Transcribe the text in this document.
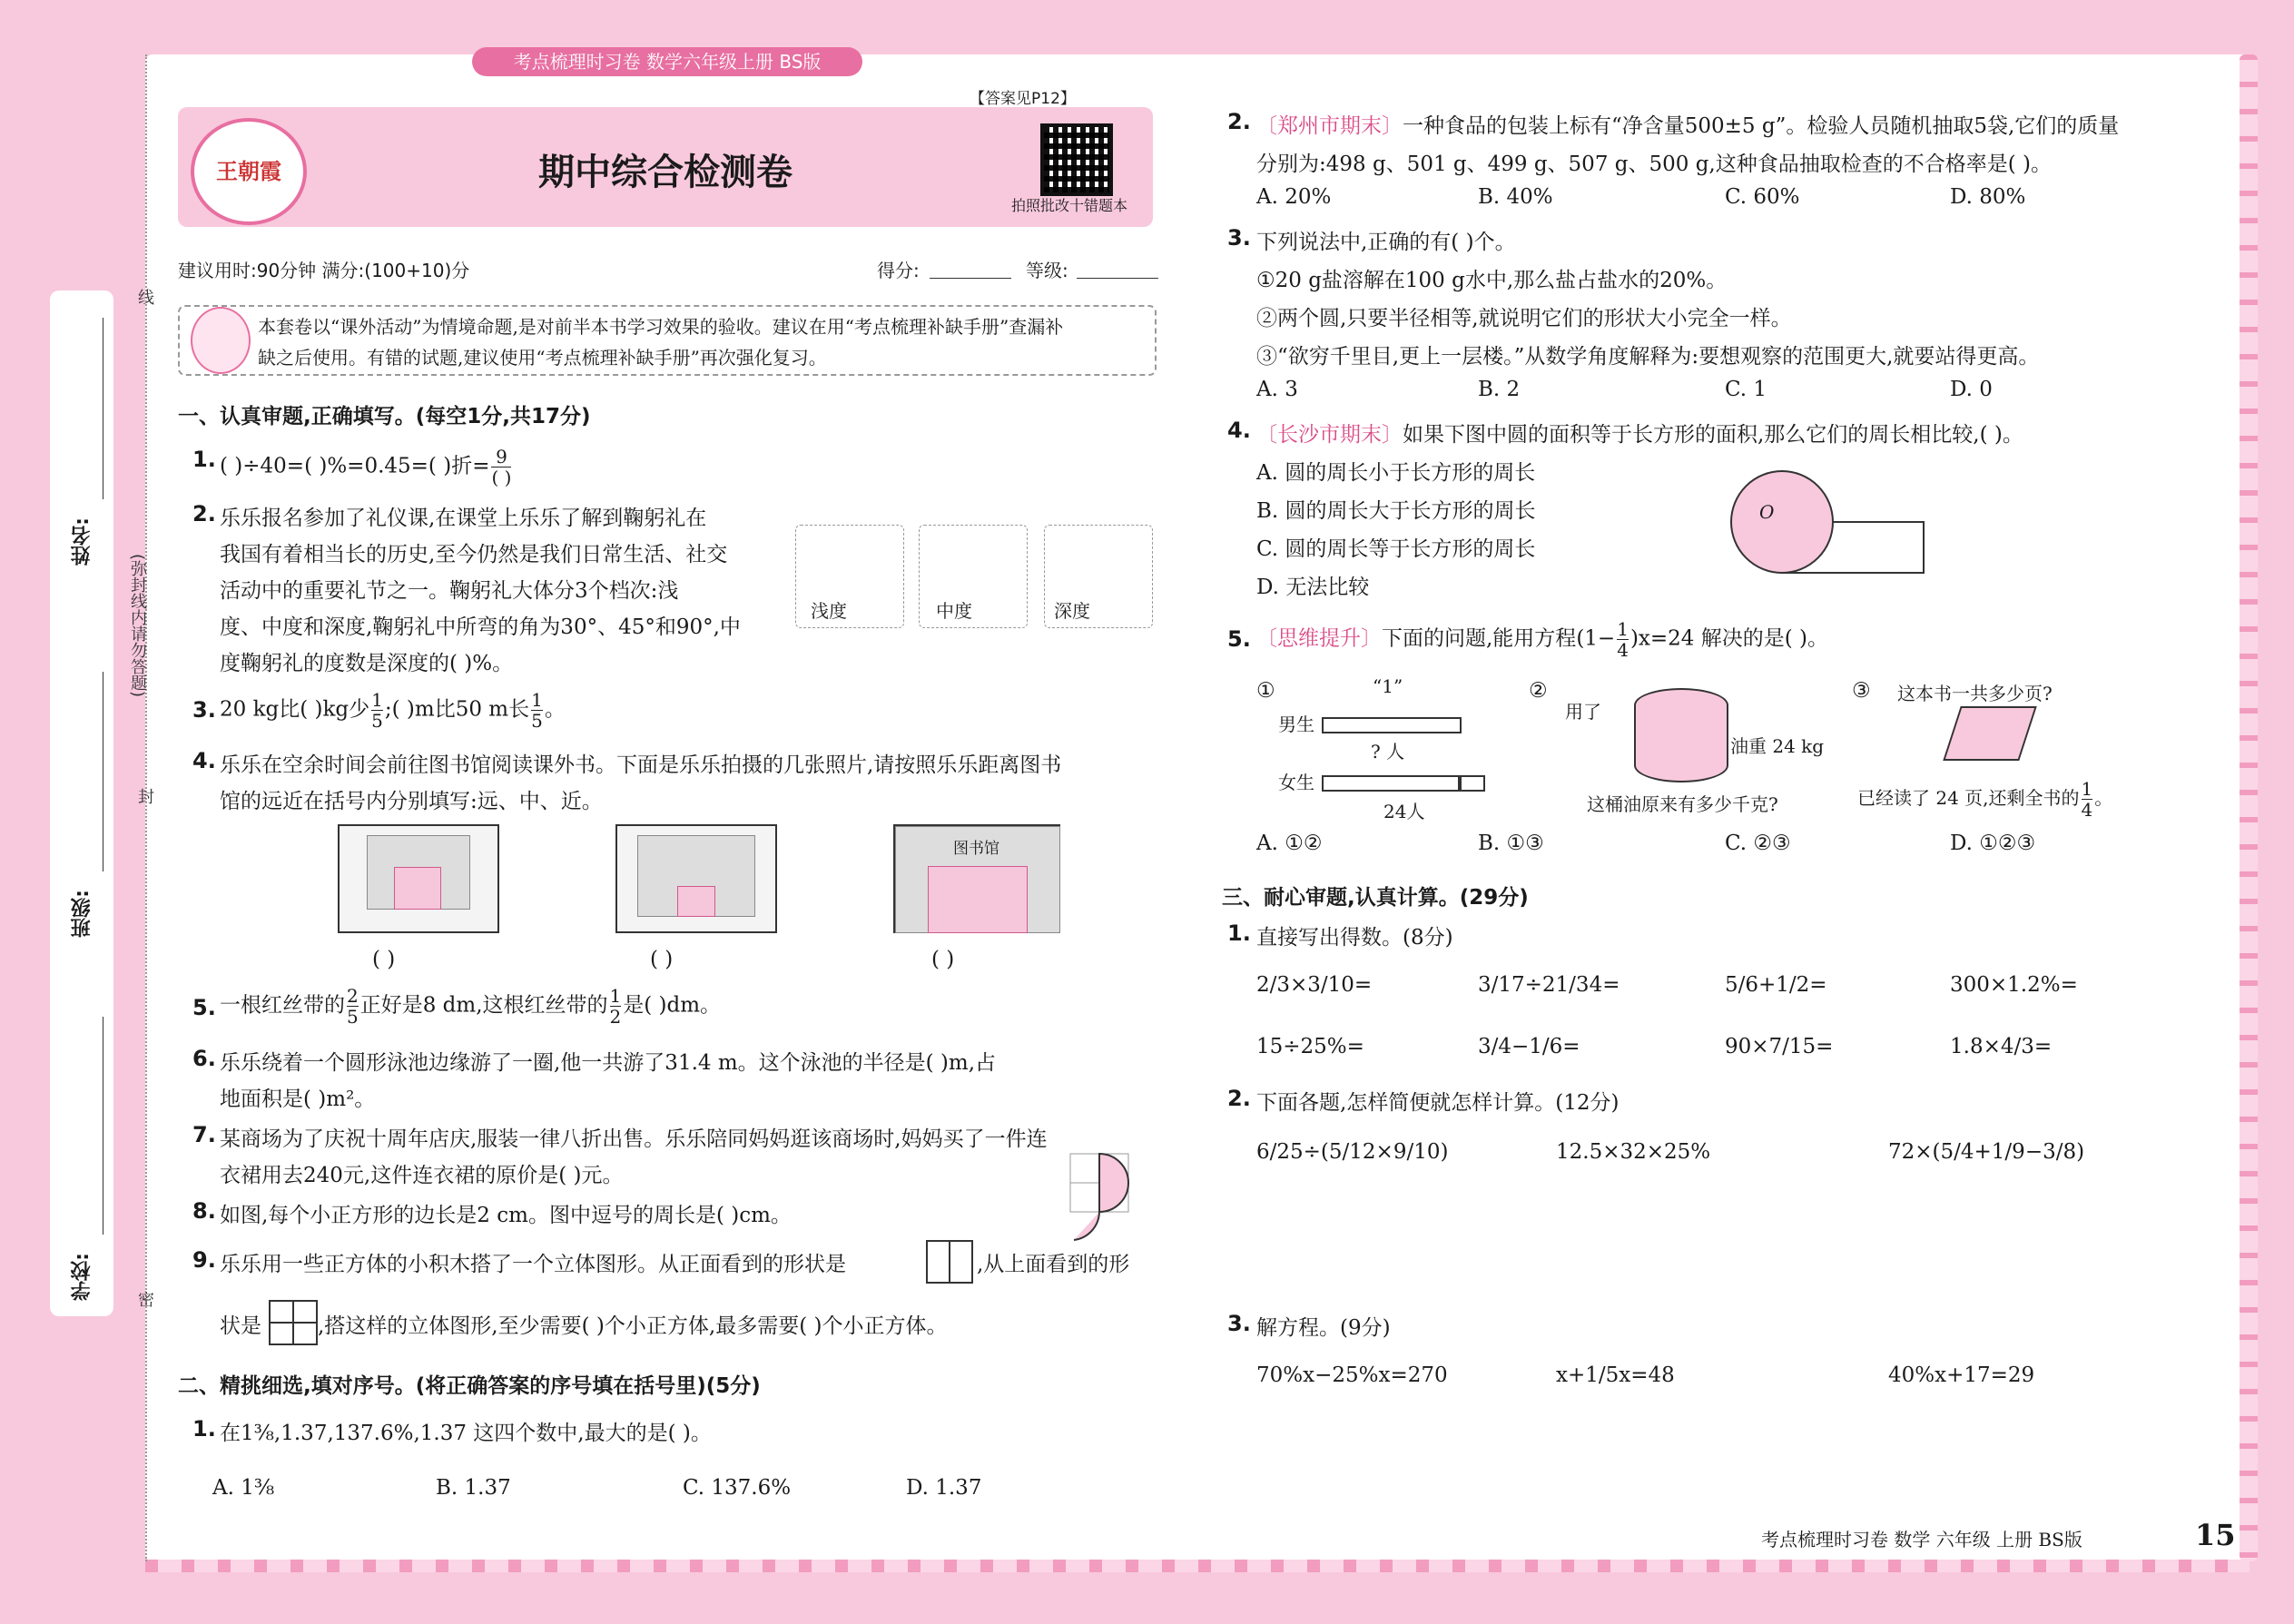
姓名:
班级:
学校:
(弥封线内请勿答题)
线
封
密
考点梳理时习卷 数学六年级上册 BS版
王朝霞	期中综合检测卷
拍照批改十错题本
【答案见P12】
建议用时:90分钟 满分:(100+10)分	得分:	等级:
本套卷以“课外活动”为情境命题,是对前半本书学习效果的验收。建议在用“考点梳理补缺手册”查漏补
缺之后使用。有错的试题,建议使用“考点梳理补缺手册”再次强化复习。
一、认真审题,正确填写。(每空1分,共17分)
1. ( )÷40=( )%=0.45=( )折= 9
( )
2. 乐乐报名参加了礼仪课,在课堂上乐乐了解到鞠躬礼在
我国有着相当长的历史,至今仍然是我们日常生活、社交
活动中的重要礼节之一。鞠躬礼大体分3个档次:浅
度、中度和深度,鞠躬礼中所弯的角为30°、45°和90°,中
度鞠躬礼的度数是深度的( )%。
浅度	中度	深度
3. 20 kg比( )kg少 $\frac{1}{5}$ ;( )m比50 m长 $\frac{1}{5}$ 。
4. 乐乐在空余时间会前往图书馆阅读课外书。下面是乐乐拍摄的几张照片,请按照乐乐距离图书
馆的远近在括号内分别填写:远、中、近。
图书馆
( )	( )	( )
5. 一根红丝带的 $\frac{2}{5}$ 正好是8 dm,这根红丝带的 $\frac{1}{2}$ 是( )dm。
6. 乐乐绕着一个圆形泳池边缘游了一圈,他一共游了31.4 m。这个泳池的半径是( )m,占
地面积是( )m²。
7. 某商场为了庆祝十周年店庆,服装一律八折出售。乐乐陪同妈妈逛该商场时,妈妈买了一件连
衣裙用去240元,这件连衣裙的原价是( )元。
8. 如图,每个小正方形的边长是2 cm。图中逗号的周长是( )cm。
9. 乐乐用一些正方体的小积木搭了一个立体图形。从正面看到的形状是	,从上面看到的形
状是	,搭这样的立体图形,至少需要( )个小正方体,最多需要( )个小正方体。
二、精挑细选,填对序号。(将正确答案的序号填在括号里)(5分)
1. 在1⅜,1.37,137.6%,1.37 这四个数中,最大的是( )。
A. 1⅜	B. 1.37	C. 137.6%	D. 1.37
2. 〔郑州市期末〕一种食品的包装上标有“净含量500±5 g”。检验人员随机抽取5袋,它们的质量
分别为:498 g、501 g、499 g、507 g、500 g,这种食品抽取检查的不合格率是( )。
A. 20%	B. 40%	C. 60%	D. 80%
3. 下列说法中,正确的有( )个。
①20 g盐溶解在100 g水中,那么盐占盐水的20%。
②两个圆,只要半径相等,就说明它们的形状大小完全一样。
③“欲穷千里目,更上一层楼。”从数学角度解释为:要想观察的范围更大,就要站得更高。
A. 3	B. 2	C. 1	D. 0
4. 〔长沙市期末〕如果下图中圆的面积等于长方形的面积,那么它们的周长相比较,( )。
A. 圆的周长小于长方形的周长
B. 圆的周长大于长方形的周长
C. 圆的周长等于长方形的周长
D. 无法比较
O
5. 〔思维提升〕下面的问题,能用方程$(1- \frac{1}{4} )x=24$ 解决的是( )。
①	“1”
男生
? 人
女生
24人
②
用了
油重 24 kg
这桶油原来有多少千克?
③ 这本书一共多少页?
已经读了 24 页,还剩全书的 $\frac{1}{4}$ 。
A. ①②	B. ①③	C. ②③	D. ①②③
三、耐心审题,认真计算。(29分)
1. 直接写出得数。(8分)
2/3×3/10=	3/17÷21/34=	5/6+1/2=	300×1.2%=
15÷25%=	3/4−1/6=	90×7/15=	1.8×4/3=
2. 下面各题,怎样简便就怎样计算。(12分)
6/25÷(5/12×9/10)	12.5×32×25%	72×(5/4+1/9−3/8)
3. 解方程。(9分)
70%x−25%x=270	x+1/5x=48	40%x+17=29
考点梳理时习卷 数学 六年级 上册 BS版	15
